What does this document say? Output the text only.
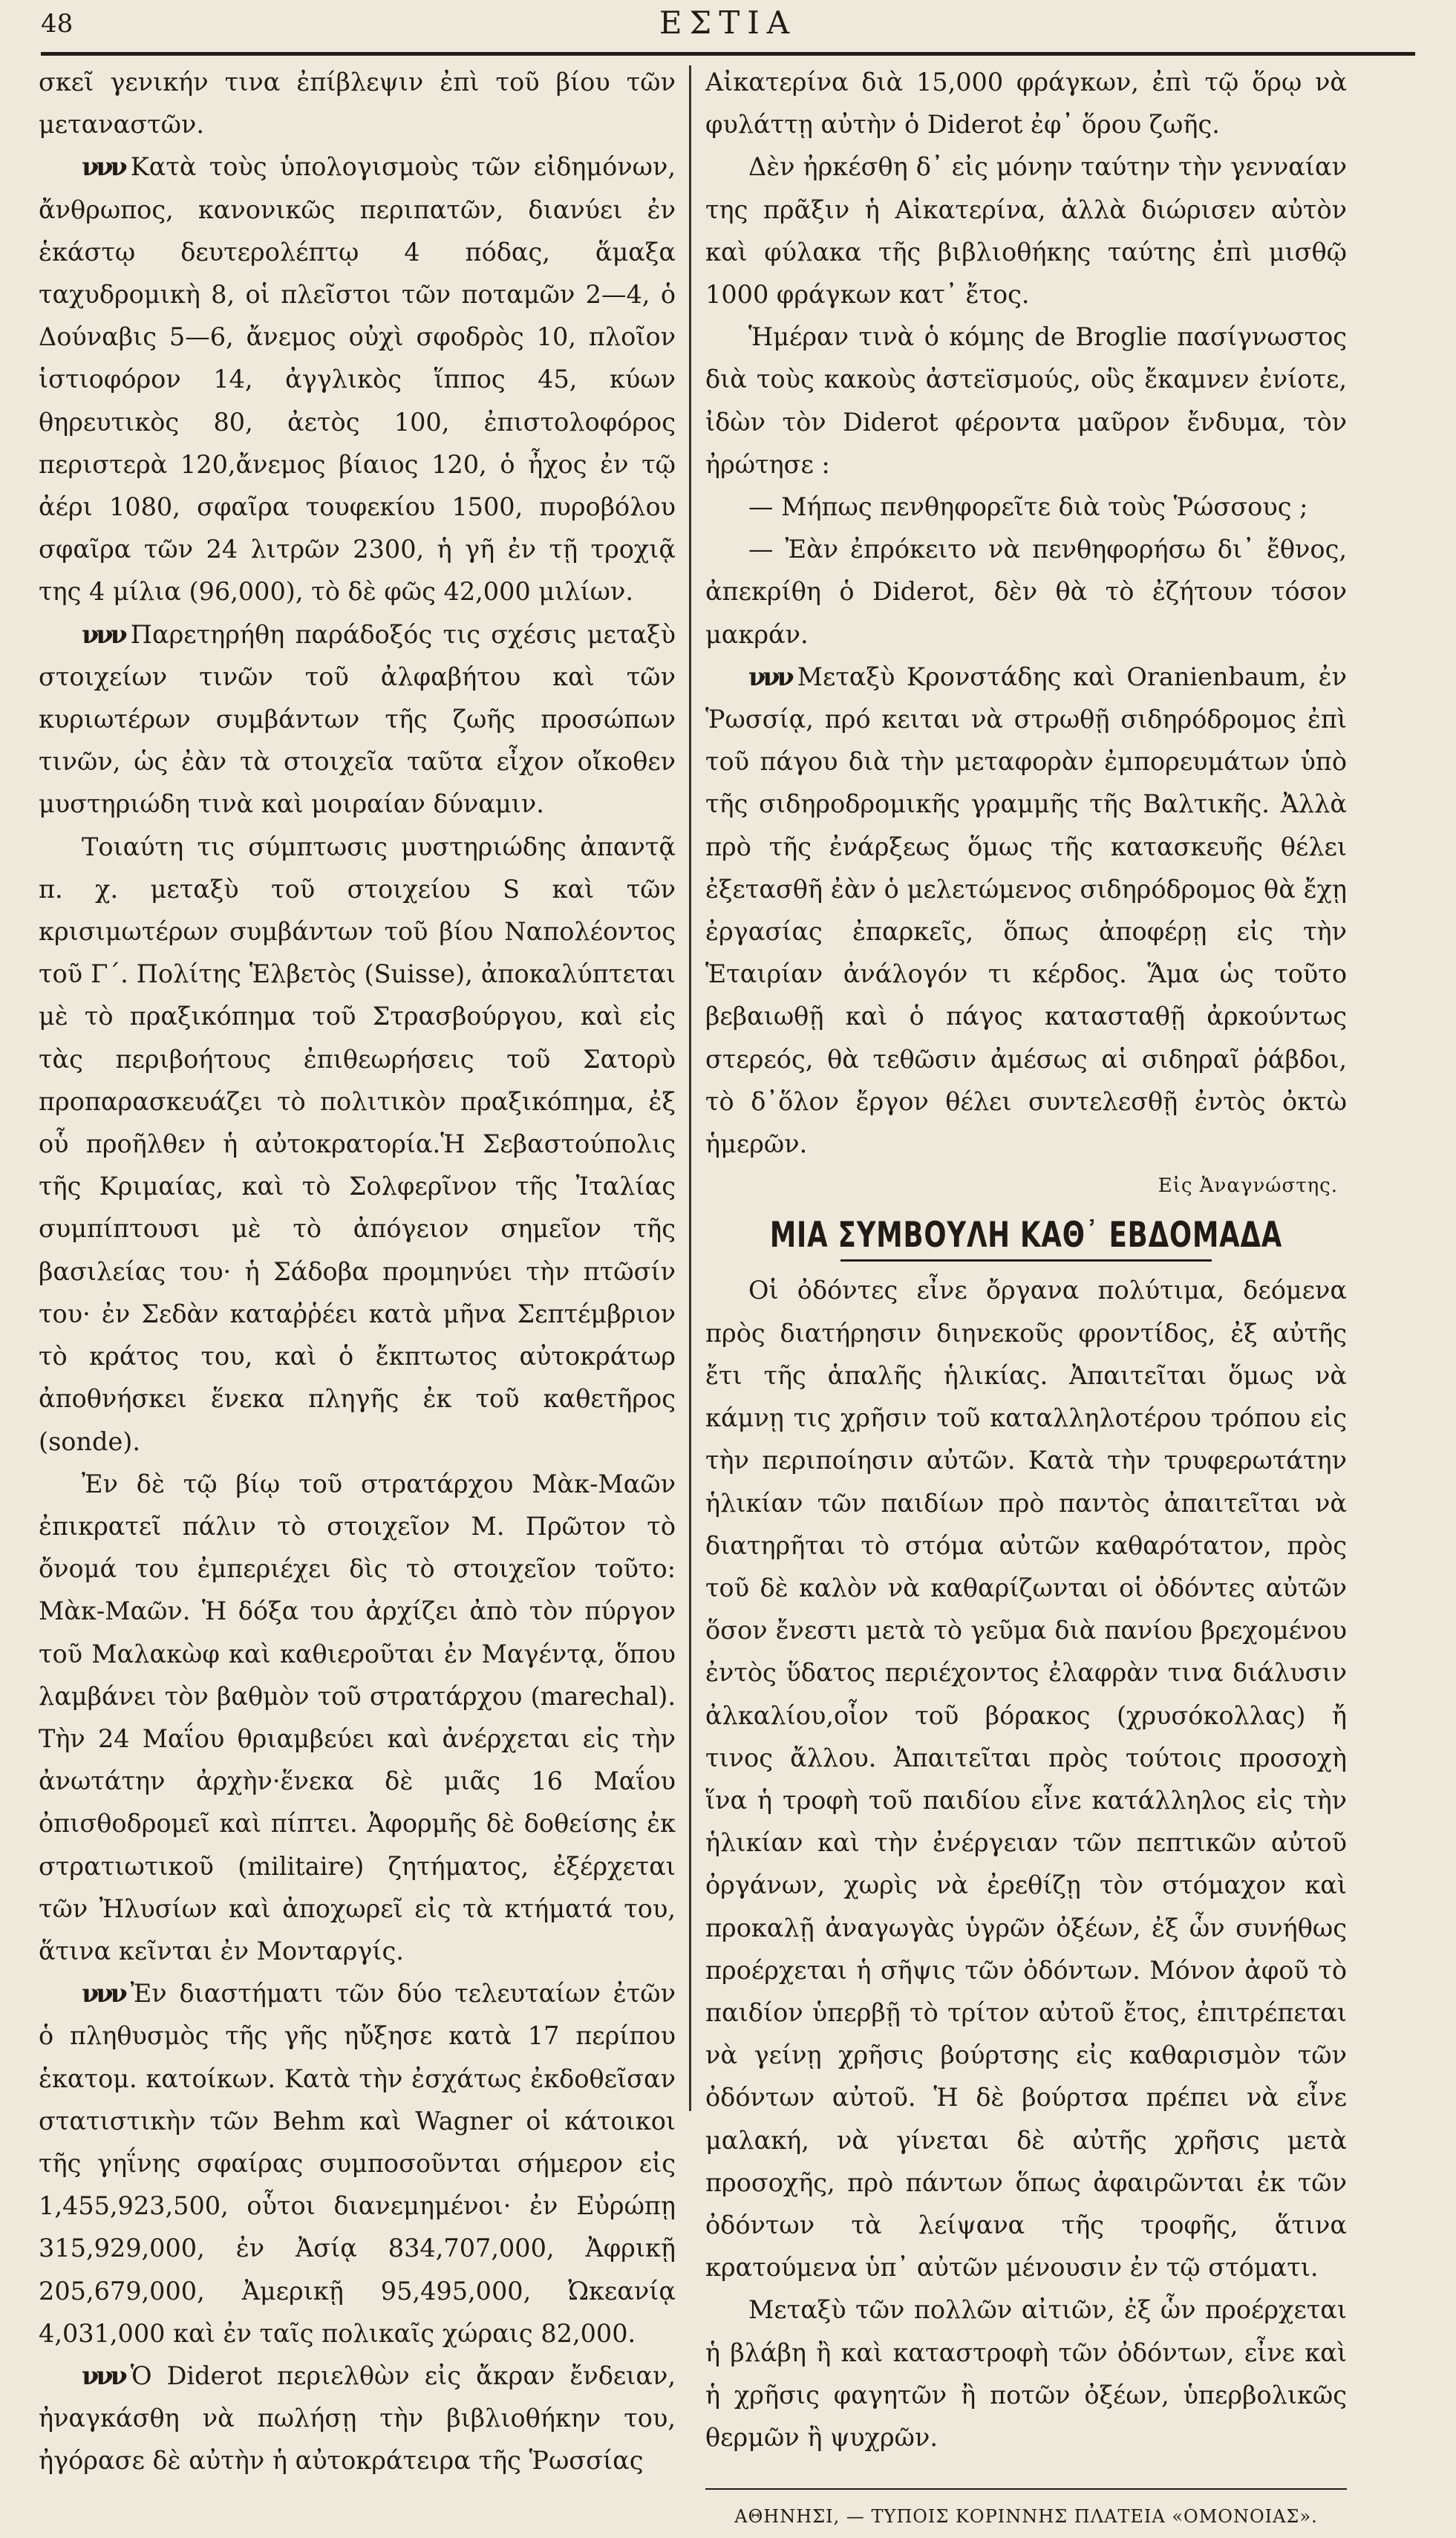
48	ΕΣΤΙΑ

σκεῖ γενικήν τινα ἐπίβλεψιν ἐπὶ τοῦ βίου τῶν μεταναστῶν.

ννν Κατὰ τοὺς ὑπολογισμοὺς τῶν εἰδημόνων, ἄνθρωπος, κανονικῶς περιπατῶν, διανύει ἐν ἑκάστῳ δευτερολέπτῳ 4 πόδας, ἅμαξα ταχυδρομικὴ 8, οἱ πλεῖστοι τῶν ποταμῶν 2—4, ὁ Δούναβις 5—6, ἄνεμος οὐχὶ σφοδρὸς 10, πλοῖον ἱστιοφόρον 14, ἀγγλικὸς ἵππος 45, κύων θηρευτικὸς 80, ἀετὸς 100, ἐπιστολοφόρος περιστερὰ 120,ἄνεμος βίαιος 120, ὁ ἦχος ἐν τῷ ἀέρι 1080, σφαῖρα τουφεκίου 1500, πυροβόλου σφαῖρα τῶν 24 λιτρῶν 2300, ἡ γῆ ἐν τῇ τροχιᾷ της 4 μίλια (96,000), τὸ δὲ φῶς 42,000 μιλίων.

ννν Παρετηρήθη παράδοξός τις σχέσις μεταξὺ στοιχείων τινῶν τοῦ ἀλφαβήτου καὶ τῶν κυριωτέρων συμβάντων τῆς ζωῆς προσώπων τινῶν, ὡς ἐὰν τὰ στοιχεῖα ταῦτα εἶχον οἴκοθεν μυστηριώδη τινὰ καὶ μοιραίαν δύναμιν.

Τοιαύτη τις σύμπτωσις μυστηριώδης ἀπαντᾷ π. χ. μεταξὺ τοῦ στοιχείου S καὶ τῶν κρισιμωτέρων συμβάντων τοῦ βίου Ναπολέοντος τοῦ Γ΄. Πολίτης Ἑλβετὸς (Suisse), ἀποκαλύπτεται μὲ τὸ πραξικόπημα τοῦ Στρασβούργου, καὶ εἰς τὰς περιβοήτους ἐπιθεωρήσεις τοῦ Σατορὺ προπαρασκευάζει τὸ πολιτικὸν πραξικόπημα, ἐξ οὗ προῆλθεν ἡ αὐτοκρατορία.Ἡ Σεβαστούπολις τῆς Κριμαίας, καὶ τὸ Σολφερῖνον τῆς Ἰταλίας συμπίπτουσι μὲ τὸ ἀπόγειον σημεῖον τῆς βασιλείας του· ἡ Σάδοβα προμηνύει τὴν πτῶσίν του· ἐν Σεδὰν καταῤῥέει κατὰ μῆνα Σεπτέμβριον τὸ κράτος του, καὶ ὁ ἔκπτωτος αὐτοκράτωρ ἀποθνήσκει ἕνεκα πληγῆς ἐκ τοῦ καθετῆρος (sonde).

Ἐν δὲ τῷ βίῳ τοῦ στρατάρχου Μὰκ-Μαῶν ἐπικρατεῖ πάλιν τὸ στοιχεῖον Μ. Πρῶτον τὸ ὄνομά του ἐμπεριέχει δὶς τὸ στοιχεῖον τοῦτο: Μὰκ-Μαῶν. Ἡ δόξα του ἀρχίζει ἀπὸ τὸν πύργον τοῦ Μαλακὼφ καὶ καθιεροῦται ἐν Μαγέντᾳ, ὅπου λαμβάνει τὸν βαθμὸν τοῦ στρατάρχου (marechal). Τὴν 24 Μαΐου θριαμβεύει καὶ ἀνέρχεται εἰς τὴν ἀνωτάτην ἀρχὴν·ἕνεκα δὲ μιᾶς 16 Μαΐου ὀπισθοδρομεῖ καὶ πίπτει. Ἀφορμῆς δὲ δοθείσης ἐκ στρατιωτικοῦ (militaire) ζητήματος, ἐξέρχεται τῶν Ἠλυσίων καὶ ἀποχωρεῖ εἰς τὰ κτήματά του, ἅτινα κεῖνται ἐν Μονταργίς.

ννν Ἐν διαστήματι τῶν δύο τελευταίων ἐτῶν ὁ πληθυσμὸς τῆς γῆς ηὔξησε κατὰ 17 περίπου ἑκατομ. κατοίκων. Κατὰ τὴν ἐσχάτως ἐκδοθεῖσαν στατιστικὴν τῶν Behm καὶ Wagner οἱ κάτοικοι τῆς γηΐνης σφαίρας συμποσοῦνται σήμερον εἰς 1,455,923,500, οὗτοι διανεμημένοι· ἐν Εὐρώπῃ 315,929,000, ἐν Ἀσίᾳ 834,707,000, Ἀφρικῇ 205,679,000, Ἀμερικῇ 95,495,000, Ὠκεανίᾳ 4,031,000 καὶ ἐν ταῖς πολικαῖς χώραις 82,000.

ννν Ὁ Diderot περιελθὼν εἰς ἄκραν ἔνδειαν, ἠναγκάσθη νὰ πωλήσῃ τὴν βιβλιοθήκην του, ἠγόρασε δὲ αὐτὴν ἡ αὐτοκράτειρα τῆς Ῥωσσίας

Αἰκατερίνα διὰ 15,000 φράγκων, ἐπὶ τῷ ὅρῳ νὰ φυλάττῃ αὐτὴν ὁ Diderot ἐφ᾽ ὅρου ζωῆς.

Δὲν ἠρκέσθη δ᾽ εἰς μόνην ταύτην τὴν γενναίαν της πρᾶξιν ἡ Αἰκατερίνα, ἀλλὰ διώρισεν αὐτὸν καὶ φύλακα τῆς βιβλιοθήκης ταύτης ἐπὶ μισθῷ 1000 φράγκων κατ᾽ ἔτος.

Ἡμέραν τινὰ ὁ κόμης de Broglie πασίγνωστος διὰ τοὺς κακοὺς ἀστεϊσμούς, οὓς ἔκαμνεν ἐνίοτε, ἰδὼν τὸν Diderot φέροντα μαῦρον ἔνδυμα, τὸν ἠρώτησε :

— Μήπως πενθηφορεῖτε διὰ τοὺς Ῥώσσους ;

— Ἐὰν ἐπρόκειτο νὰ πενθηφορήσω δι᾽ ἔθνος, ἀπεκρίθη ὁ Diderot, δὲν θὰ τὸ ἐζήτουν τόσον μακράν.

ννν Μεταξὺ Κρονστάδης καὶ Oranienbaum, ἐν Ῥωσσίᾳ, πρό κειται νὰ στρωθῇ σιδηρόδρομος ἐπὶ τοῦ πάγου διὰ τὴν μεταφορὰν ἐμπορευμάτων ὑπὸ τῆς σιδηροδρομικῆς γραμμῆς τῆς Βαλτικῆς. Ἀλλὰ πρὸ τῆς ἐνάρξεως ὅμως τῆς κατασκευῆς θέλει ἐξετασθῆ ἐὰν ὁ μελετώμενος σιδηρόδρομος θὰ ἔχῃ ἐργασίας ἐπαρκεῖς, ὅπως ἀποφέρῃ εἰς τὴν Ἑταιρίαν ἀνάλογόν τι κέρδος. Ἅμα ὡς τοῦτο βεβαιωθῇ καὶ ὁ πάγος κατασταθῇ ἀρκούντως στερεός, θὰ τεθῶσιν ἀμέσως αἱ σιδηραῖ ῥάβδοι, τὸ δ᾽ὅλον ἔργον θέλει συντελεσθῇ ἐντὸς ὀκτὼ ἡμερῶν.

Εἰς Ἀναγνώστης.

ΜΙΑ ΣΥΜΒΟΥΛΗ ΚΑΘ᾽ ΕΒΔΟΜΑΔΑ

Οἱ ὀδόντες εἶνε ὄργανα πολύτιμα, δεόμενα πρὸς διατήρησιν διηνεκοῦς φροντίδος, ἐξ αὐτῆς ἔτι τῆς ἁπαλῆς ἡλικίας. Ἀπαιτεῖται ὅμως νὰ κάμνῃ τις χρῆσιν τοῦ καταλληλοτέρου τρόπου εἰς τὴν περιποίησιν αὐτῶν. Κατὰ τὴν τρυφερωτάτην ἡλικίαν τῶν παιδίων πρὸ παντὸς ἀπαιτεῖται νὰ διατηρῆται τὸ στόμα αὐτῶν καθαρότατον, πρὸς τοῦ δὲ καλὸν νὰ καθαρίζωνται οἱ ὀδόντες αὐτῶν ὅσον ἔνεστι μετὰ τὸ γεῦμα διὰ πανίου βρεχομένου ἐντὸς ὕδατος περιέχοντος ἐλαφρὰν τινα διάλυσιν ἀλκαλίου,οἷον τοῦ βόρακος (χρυσόκολλας) ἤ τινος ἄλλου. Ἀπαιτεῖται πρὸς τούτοις προσοχὴ ἵνα ἡ τροφὴ τοῦ παιδίου εἶνε κατάλληλος εἰς τὴν ἡλικίαν καὶ τὴν ἐνέργειαν τῶν πεπτικῶν αὐτοῦ ὀργάνων, χωρὶς νὰ ἐρεθίζῃ τὸν στόμαχον καὶ προκαλῇ ἀναγωγὰς ὑγρῶν ὀξέων, ἐξ ὧν συνήθως προέρχεται ἡ σῆψις τῶν ὀδόντων. Μόνον ἀφοῦ τὸ παιδίον ὑπερβῇ τὸ τρίτον αὐτοῦ ἔτος, ἐπιτρέπεται νὰ γείνῃ χρῆσις βούρτσης εἰς καθαρισμὸν τῶν ὀδόντων αὐτοῦ. Ἡ δὲ βούρτσα πρέπει νὰ εἶνε μαλακή, νὰ γίνεται δὲ αὐτῆς χρῆσις μετὰ προσοχῆς, πρὸ πάντων ὅπως ἀφαιρῶνται ἐκ τῶν ὀδόντων τὰ λείψανα τῆς τροφῆς, ἅτινα κρατούμενα ὑπ᾽ αὐτῶν μένουσιν ἐν τῷ στόματι.

Μεταξὺ τῶν πολλῶν αἰτιῶν, ἐξ ὧν προέρχεται ἡ βλάβη ἢ καὶ καταστροφὴ τῶν ὀδόντων, εἶνε καὶ ἡ χρῆσις φαγητῶν ἢ ποτῶν ὀξέων, ὑπερβολικῶς θερμῶν ἢ ψυχρῶν.

ΑΘΗΝΗΣΙ, — ΤΥΠΟΙΣ ΚΟΡΙΝΝΗΣ ΠΛΑΤΕΙΑ «ΟΜΟΝΟΙΑΣ».
